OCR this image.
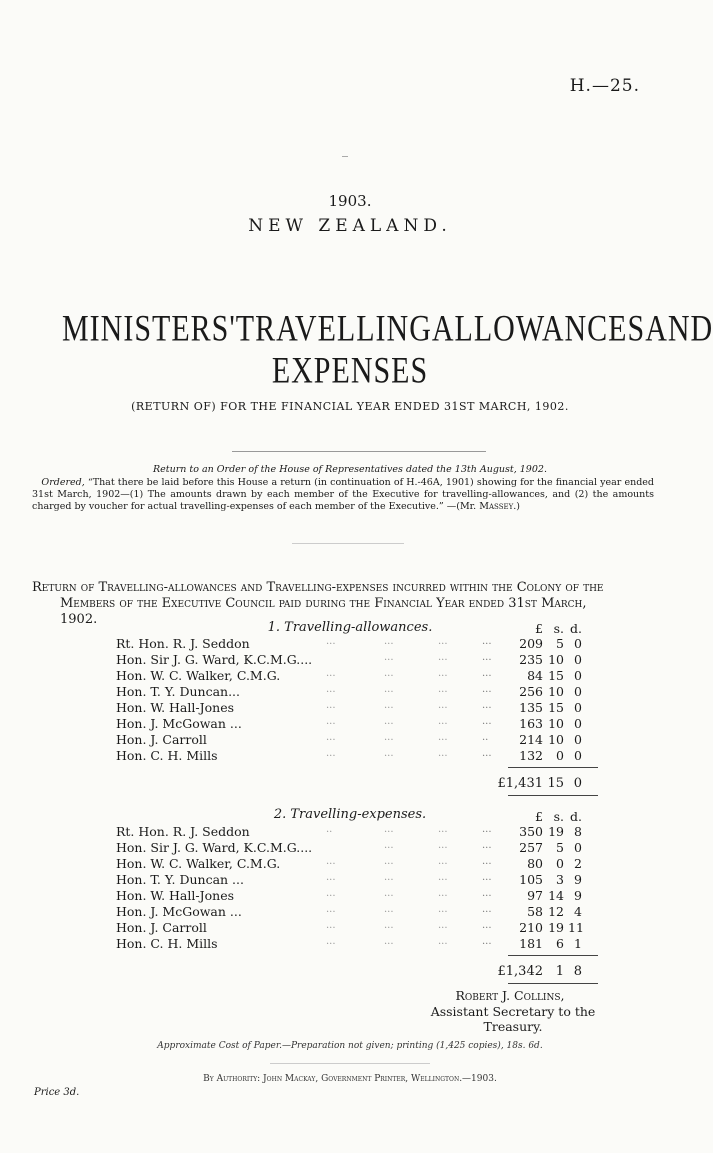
H.—25.
1903.
NEW ZEALAND.
MINISTERS' TRAVELLING ALLOWANCES AND
EXPENSES
(RETURN OF) FOR THE FINANCIAL YEAR ENDED 31ST MARCH, 1902.
Return to an Order of the House of Representatives dated the 13th August, 1902.
Ordered, “That there be laid before this House a return (in continuation of H.-46A, 1901) showing for the financial year ended 31st March, 1902—(1) The amounts drawn by each member of the Executive for travelling-allowances, and (2) the amounts charged by voucher for actual travelling-expenses of each member of the Executive.” —(Mr. Massey.)
Return of Travelling-allowances and Travelling-expenses incurred within the Colony of the
Members of the Executive Council paid during the Financial Year ended 31st March,
1902.
1. Travelling-allowances.	£ s. d.
Rt. Hon. R. J. Seddon	...	...	...	...	209	5 0
Hon. Sir J. G. Ward, K.C.M.G....	...	...	...	235 10 0
Hon. W. C. Walker, C.M.G.	...	...	...	...	84 15 0
Hon. T. Y. Duncan...	...	...	...	...	256 10 0
Hon. W. Hall-Jones	...	...	...	...	135 15 0
Hon. J. McGowan ...	...	...	...	...	163 10 0
Hon. J. Carroll	...	...	...	..	214 10 0
Hon. C. H. Mills	...	...	...	...	132	0 0
£1,431 15 0
2. Travelling-expenses.	£ s. d.
Rt. Hon. R. J. Seddon	..	...	...	...	350 19 8
Hon. Sir J. G. Ward, K.C.M.G....	...	...	...	257	5 0
Hon. W. C. Walker, C.M.G.	...	...	...	...	80	0 2
Hon. T. Y. Duncan ...	...	...	...	...	105	3 9
Hon. W. Hall-Jones	...	...	...	...	97 14 9
Hon. J. McGowan ...	...	...	...	...	58 12 4
Hon. J. Carroll	...	...	...	...	210 19 11
Hon. C. H. Mills	...	...	...	...	181	6 1
£1,342 1 8
Robert J. Collins,
Assistant Secretary to the Treasury.
Approximate Cost of Paper.—Preparation not given; printing (1,425 copies), 18s. 6d.
By Authority: John Mackay, Government Printer, Wellington.—1903.
Price 3d.
